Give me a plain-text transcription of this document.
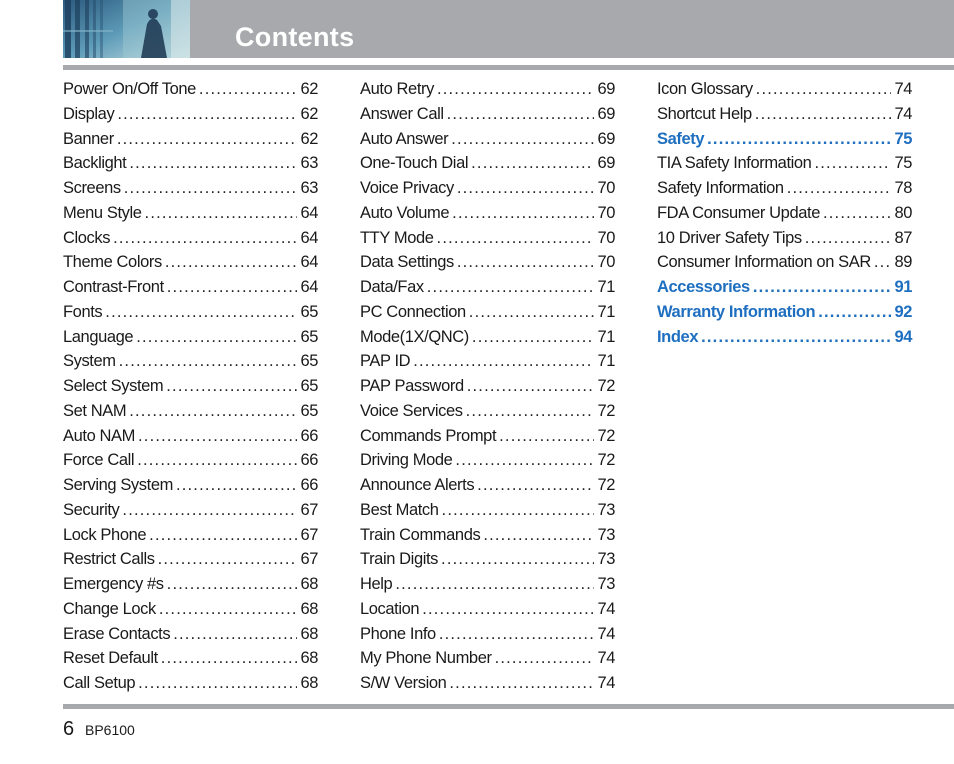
Contents
Power On/Off Tone .....	62
Display .....	62
Banner .....	62
Backlight .....	63
Screens .....	63
Menu Style .....	64
Clocks .....	64
Theme Colors .....	64
Contrast-Front .....	64
Fonts .....	65
Language .....	65
System .....	65
Select System .....	65
Set NAM .....	65
Auto NAM .....	66
Force Call .....	66
Serving System .....	66
Security .....	67
Lock Phone .....	67
Restrict Calls .....	67
Emergency #s .....	68
Change Lock .....	68
Erase Contacts .....	68
Reset Default .....	68
Call Setup .....	68
Auto Retry .....	69
Answer Call .....	69
Auto Answer .....	69
One-Touch Dial .....	69
Voice Privacy .....	70
Auto Volume .....	70
TTY Mode .....	70
Data Settings .....	70
Data/Fax .....	71
PC Connection .....	71
Mode(1X/QNC) .....	71
PAP ID .....	71
PAP Password .....	72
Voice Services .....	72
Commands Prompt .....	72
Driving Mode .....	72
Announce Alerts .....	72
Best Match .....	73
Train Commands .....	73
Train Digits .....	73
Help .....	73
Location .....	74
Phone Info .....	74
My Phone Number .....	74
S/W Version .....	74
Icon Glossary .....	74
Shortcut Help .....	74
Safety .....	75
TIA Safety Information .....	75
Safety Information .....	78
FDA Consumer Update .....	80
10 Driver Safety Tips .....	87
Consumer Information on SAR ..... 89
Accessories .....	91
Warranty Information .....	92
Index .....	94
6 BP6100
